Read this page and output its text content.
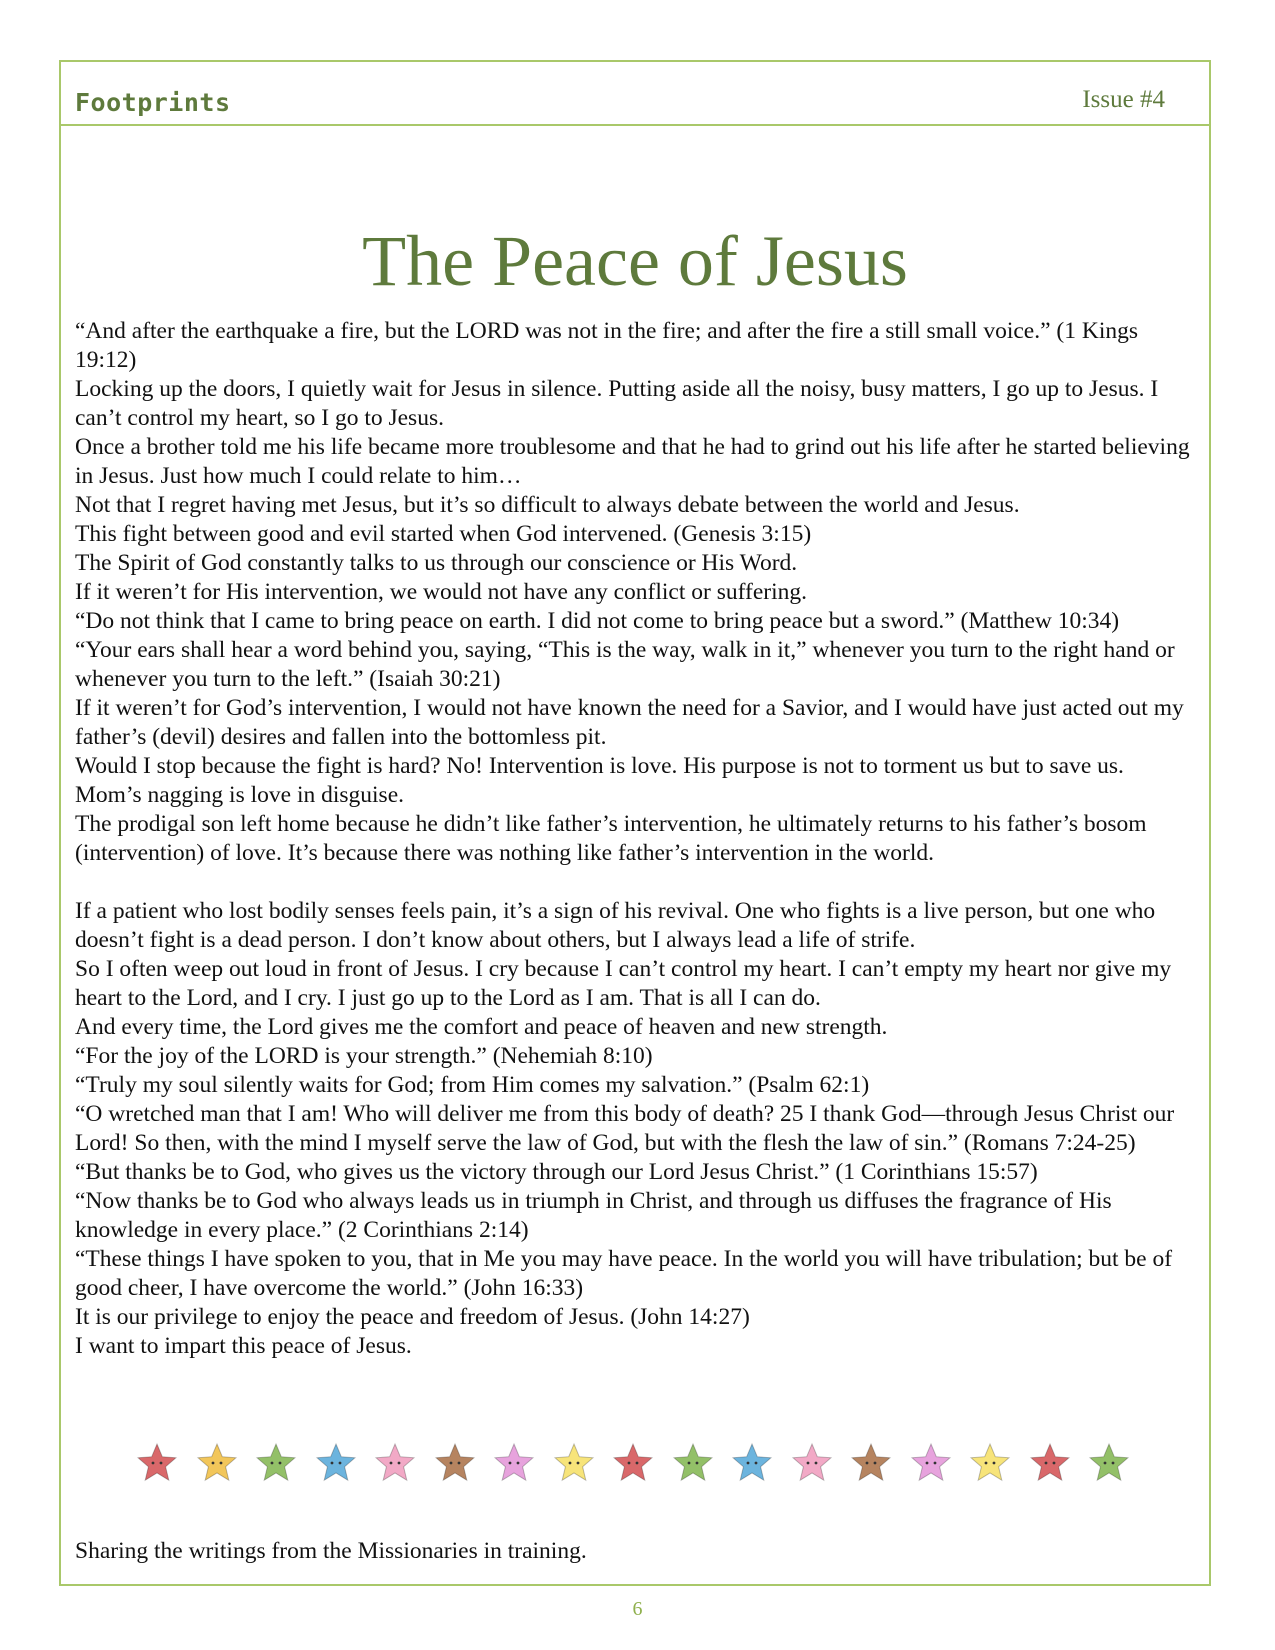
Footprints	Issue #4
The Peace of Jesus

“And after the earthquake a fire, but the LORD was not in the fire; and after the fire a still small voice.” (1 Kings 19:12)

Locking up the doors, I quietly wait for Jesus in silence. Putting aside all the noisy, busy matters, I go up to Jesus. I can’t control my heart, so I go to Jesus.

Once a brother told me his life became more troublesome and that he had to grind out his life after he started believing in Jesus. Just how much I could relate to him…

Not that I regret having met Jesus, but it’s so difficult to always debate between the world and Jesus.

This fight between good and evil started when God intervened. (Genesis 3:15)

The Spirit of God constantly talks to us through our conscience or His Word.

If it weren’t for His intervention, we would not have any conflict or suffering.

“Do not think that I came to bring peace on earth. I did not come to bring peace but a sword.” (Matthew 10:34)

“Your ears shall hear a word behind you, saying, “This is the way, walk in it,” whenever you turn to the right hand or whenever you turn to the left.” (Isaiah 30:21)

If it weren’t for God’s intervention, I would not have known the need for a Savior, and I would have just acted out my father’s (devil) desires and fallen into the bottomless pit.

Would I stop because the fight is hard? No! Intervention is love. His purpose is not to torment us but to save us. Mom’s nagging is love in disguise.

The prodigal son left home because he didn’t like father’s intervention, he ultimately returns to his father’s bosom (intervention) of love. It’s because there was nothing like father’s intervention in the world.

If a patient who lost bodily senses feels pain, it’s a sign of his revival. One who fights is a live person, but one who doesn’t fight is a dead person. I don’t know about others, but I always lead a life of strife.

So I often weep out loud in front of Jesus. I cry because I can’t control my heart. I can’t empty my heart nor give my heart to the Lord, and I cry. I just go up to the Lord as I am. That is all I can do.

And every time, the Lord gives me the comfort and peace of heaven and new strength.

“For the joy of the LORD is your strength.” (Nehemiah 8:10)

“Truly my soul silently waits for God; from Him comes my salvation.” (Psalm 62:1)

“O wretched man that I am! Who will deliver me from this body of death? 25 I thank God—through Jesus Christ our Lord! So then, with the mind I myself serve the law of God, but with the flesh the law of sin.” (Romans 7:24-25)

“But thanks be to God, who gives us the victory through our Lord Jesus Christ.” (1 Corinthians 15:57)

“Now thanks be to God who always leads us in triumph in Christ, and through us diffuses the fragrance of His knowledge in every place.” (2 Corinthians 2:14)

“These things I have spoken to you, that in Me you may have peace. In the world you will have tribulation; but be of good cheer, I have overcome the world.” (John 16:33)

It is our privilege to enjoy the peace and freedom of Jesus. (John 14:27)

I want to impart this peace of Jesus.

Sharing the writings from the Missionaries in training.
6
